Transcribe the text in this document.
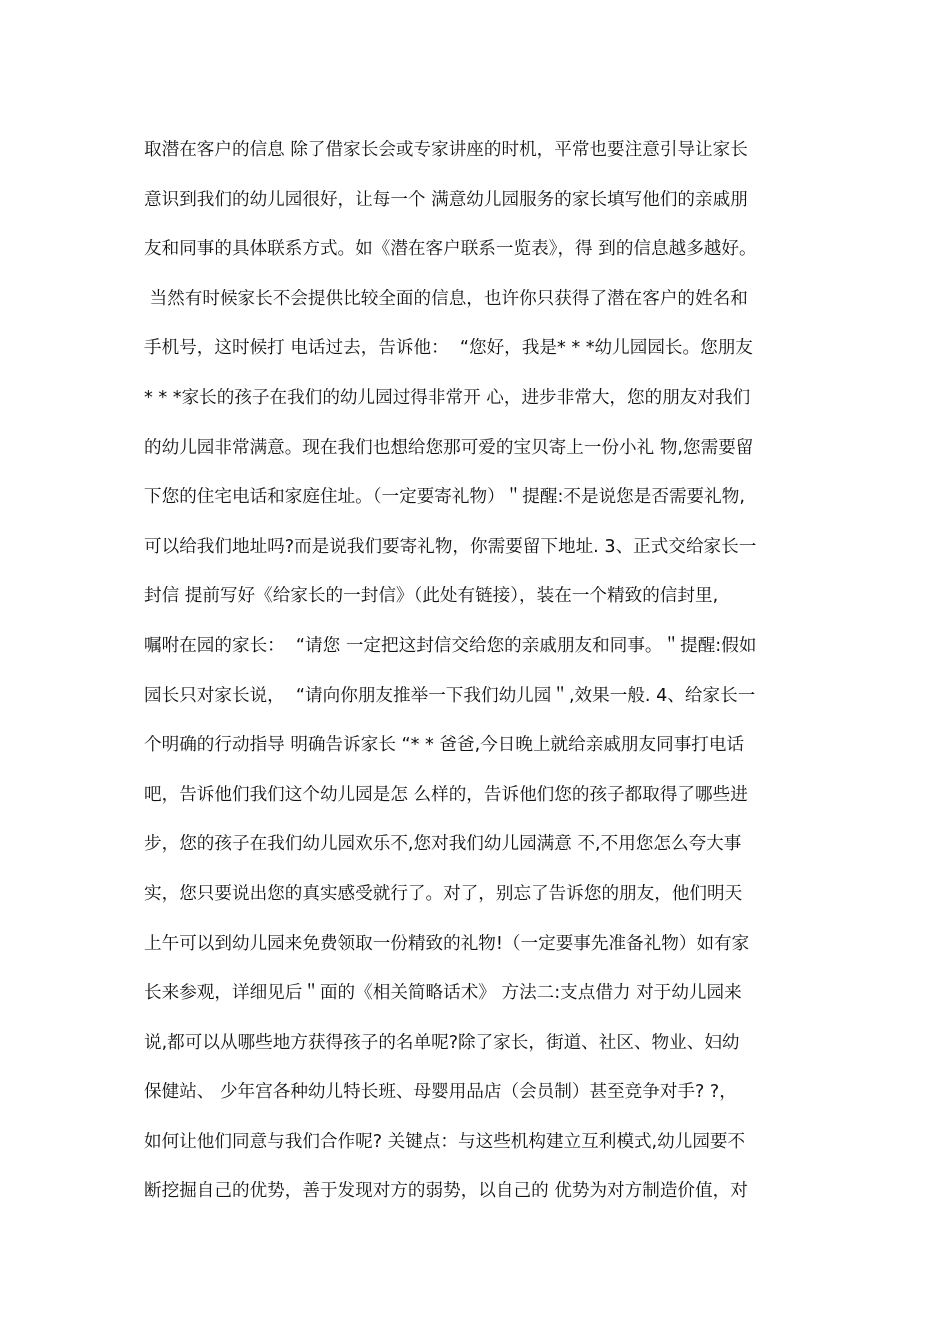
取潜在客户的信息 除了借家长会或专家讲座的时机，平常也要注意引导让家长
意识到我们的幼儿园很好，让每一个 满意幼儿园服务的家长填写他们的亲戚朋
友和同事的具体联系方式。如《潜在客户联系一览表》，得 到的信息越多越好。
当然有时候家长不会提供比较全面的信息，也许你只获得了潜在客户的姓名和
手机号，这时候打 电话过去，告诉他：  “您好，我是* * *幼儿园园长。您朋友
* * *家长的孩子在我们的幼儿园过得非常开 心，进步非常大，您的朋友对我们
的幼儿园非常满意。现在我们也想给您那可爱的宝贝寄上一份小礼 物,您需要留
下您的住宅电话和家庭住址。（一定要寄礼物）＂提醒:不是说您是否需要礼物,
可以给我们地址吗?而是说我们要寄礼物，你需要留下地址. 3、正式交给家长一
封信 提前写好《给家长的一封信》（此处有链接），装在一个精致的信封里,
嘱咐在园的家长：  “请您 一定把这封信交给您的亲戚朋友和同事。＂提醒:假如
园长只对家长说，  “请向你朋友推举一下我们幼儿园＂,效果一般. 4、给家长一
个明确的行动指导 明确告诉家长 “* * 爸爸,今日晚上就给亲戚朋友同事打电话
吧，告诉他们我们这个幼儿园是怎 么样的，告诉他们您的孩子都取得了哪些进
步，您的孩子在我们幼儿园欢乐不,您对我们幼儿园满意 不,不用您怎么夸大事
实，您只要说出您的真实感受就行了。对了，别忘了告诉您的朋友，他们明天
上午可以到幼儿园来免费领取一份精致的礼物!（一定要事先准备礼物）如有家
长来参观，详细见后＂面的《相关简略话术》 方法二:支点借力 对于幼儿园来
说,都可以从哪些地方获得孩子的名单呢?除了家长，街道、社区、物业、妇幼
保健站、 少年宫各种幼儿特长班、母婴用品店（会员制）甚至竞争对手? ?，
如何让他们同意与我们合作呢? 关键点：与这些机构建立互利模式,幼儿园要不
断挖掘自己的优势，善于发现对方的弱势，以自己的 优势为对方制造价值，对
